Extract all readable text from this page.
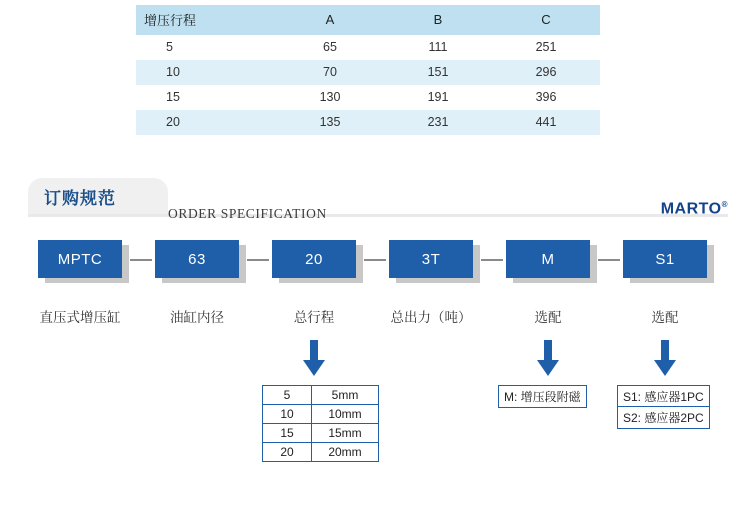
增压行程	A	B	C
5	65	111	251
10	70	151	296
15	130	191	396
20	135	231	441
订购规范
ORDER SPECIFICATION	MARTO®
MPTC	63	20	3T	M	S1
直压式增压缸	油缸内径	总行程	总出力（吨）	选配	选配
5	5mm
10	10mm
15	15mm
20	20mm
M: 增压段附磁	S1: 感应器1PC
S2: 感应器2PC
